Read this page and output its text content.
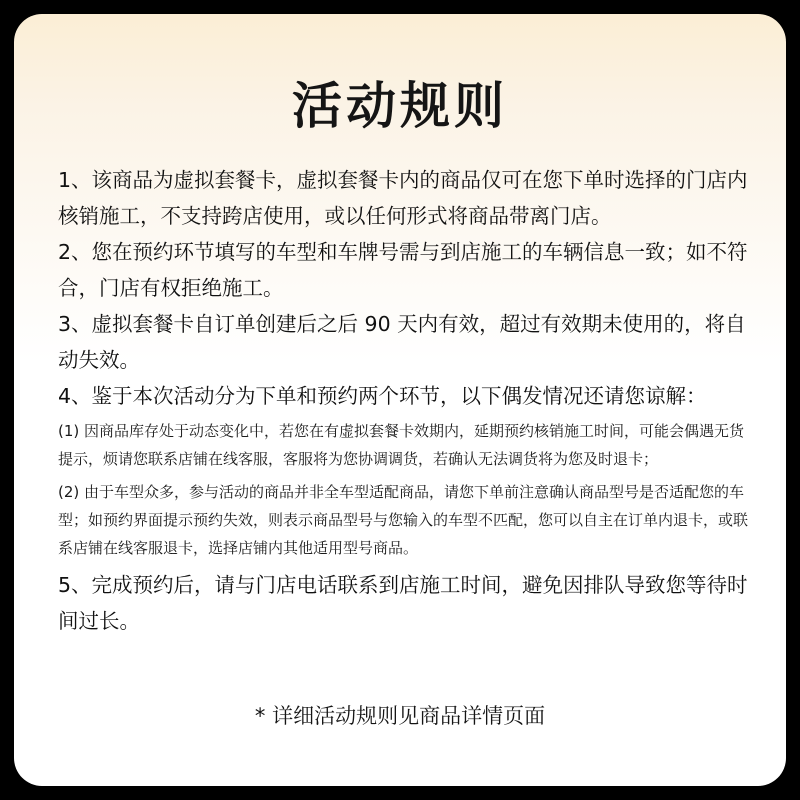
活动规则

1、该商品为虚拟套餐卡，虚拟套餐卡内的商品仅可在您下单时选择的门店内核销施工，不支持跨店使用，或以任何形式将商品带离门店。

2、您在预约环节填写的车型和车牌号需与到店施工的车辆信息一致；如不符合，门店有权拒绝施工。

3、虚拟套餐卡自订单创建后之后 90 天内有效，超过有效期未使用的，将自动失效。

4、鉴于本次活动分为下单和预约两个环节，以下偶发情况还请您谅解：

(1) 因商品库存处于动态变化中，若您在有虚拟套餐卡效期内，延期预约核销施工时间，可能会偶遇无货提示，烦请您联系店铺在线客服，客服将为您协调调货，若确认无法调货将为您及时退卡；

(2) 由于车型众多，参与活动的商品并非全车型适配商品，请您下单前注意确认商品型号是否适配您的车型；如预约界面提示预约失效，则表示商品型号与您输入的车型不匹配，您可以自主在订单内退卡，或联系店铺在线客服退卡，选择店铺内其他适用型号商品。

5、完成预约后，请与门店电话联系到店施工时间，避免因排队导致您等待时间过长。

* 详细活动规则见商品详情页面
